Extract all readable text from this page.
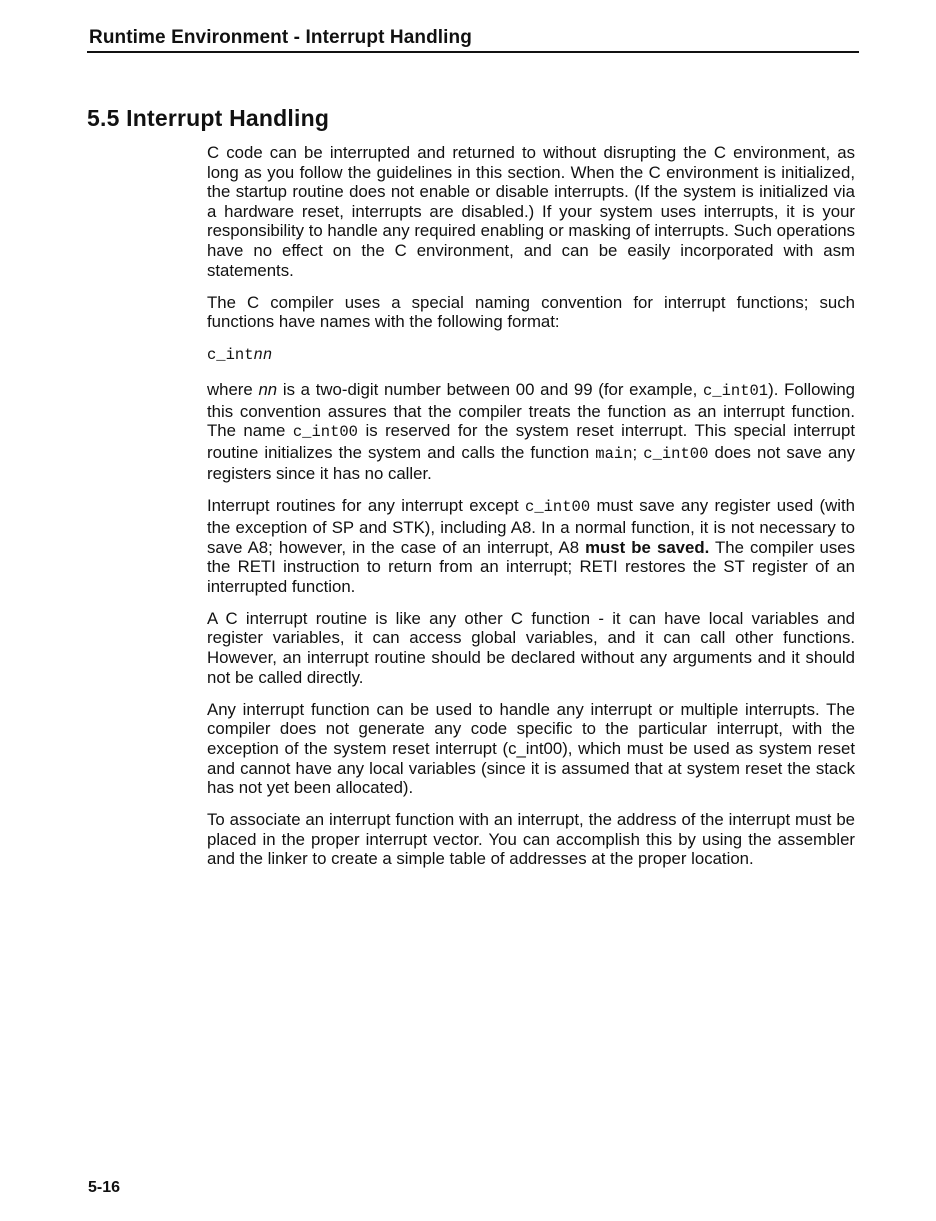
Runtime Environment - Interrupt Handling
5.5 Interrupt Handling

C code can be interrupted and returned to without disrupting the C environment, as long as you follow the guidelines in this section. When the C environment is initialized, the startup routine does not enable or disable interrupts. (If the system is initialized via a hardware reset, interrupts are disabled.) If your system uses interrupts, it is your responsibility to handle any required enabling or masking of interrupts. Such operations have no effect on the C environment, and can be easily incorporated with asm statements.

The C compiler uses a special naming convention for interrupt functions; such functions have names with the following format:

c_intnn

where nn is a two-digit number between 00 and 99 (for example, c_int01). Following this convention assures that the compiler treats the function as an interrupt function. The name c_int00 is reserved for the system reset interrupt. This special interrupt routine initializes the system and calls the function main; c_int00 does not save any registers since it has no caller.

Interrupt routines for any interrupt except c_int00 must save any register used (with the exception of SP and STK), including A8. In a normal function, it is not necessary to save A8; however, in the case of an interrupt, A8 must be saved. The compiler uses the RETI instruction to return from an interrupt; RETI restores the ST register of an interrupted function.

A C interrupt routine is like any other C function - it can have local variables and register variables, it can access global variables, and it can call other functions. However, an interrupt routine should be declared without any arguments and it should not be called directly.

Any interrupt function can be used to handle any interrupt or multiple interrupts. The compiler does not generate any code specific to the particular interrupt, with the exception of the system reset interrupt (c_int00), which must be used as system reset and cannot have any local variables (since it is assumed that at system reset the stack has not yet been allocated).

To associate an interrupt function with an interrupt, the address of the interrupt must be placed in the proper interrupt vector. You can accomplish this by using the assembler and the linker to create a simple table of addresses at the proper location.

5-16
